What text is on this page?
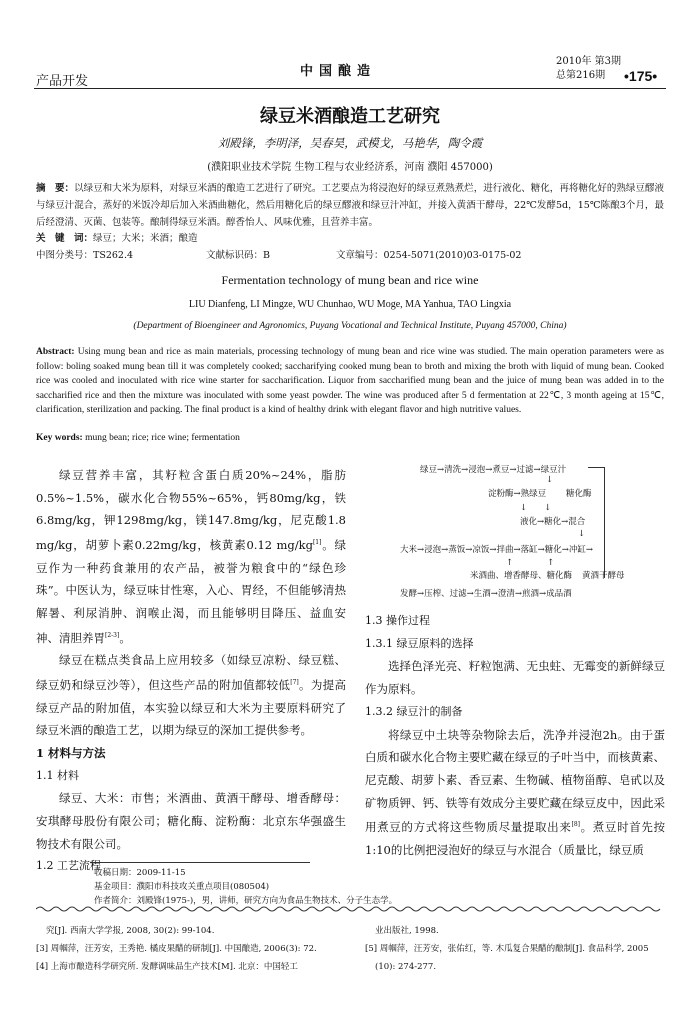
产品开发
中国酿造
2010年 第3期
总第216期	•175•
绿豆米酒酿造工艺研究
刘殿锋，李明泽，吴春昊，武模戈，马艳华，陶令霞
(濮阳职业技术学院 生物工程与农业经济系，河南 濮阳 457000)
摘　要：以绿豆和大米为原料，对绿豆米酒的酿造工艺进行了研究。工艺要点为将浸泡好的绿豆煮熟煮烂，进行液化、糖化，再将糖化好的熟绿豆醪液与绿豆汁混合，蒸好的米饭冷却后加入米酒曲糖化，然后用糖化后的绿豆醪液和绿豆汁冲缸，并接入黄酒干酵母，22℃发酵5d，15℃陈酿3个月，最后经澄清、灭菌、包装等。酿制得绿豆米酒。醇香怡人、风味优雅，且营养丰富。
关　键　词：绿豆；大米；米酒；酿造
中图分类号：TS262.4	文献标识码：B	文章编号：0254-5071(2010)03-0175-02
Fermentation technology of mung bean and rice wine
LIU Dianfeng, LI Mingze, WU Chunhao, WU Moge, MA Yanhua, TAO Lingxia
(Department of Bioengineer and Agronomics, Puyang Vocational and Technical Institute, Puyang 457000, China)
Abstract: Using mung bean and rice as main materials, processing technology of mung bean and rice wine was studied. The main operation parameters were as follow: boling soaked mung bean till it was completely cooked; saccharifying cooked mung bean to broth and mixing the broth with liquid of mung bean. Cooked rice was cooled and inoculated with rice wine starter for saccharification. Liquor from saccharified mung bean and the juice of mung bean was added in to the saccharified rice and then the mixture was inoculated with some yeast powder. The wine was produced after 5 d fermentation at 22℃, 3 month ageing at 15℃, clarification, sterilization and packing. The final product is a kind of healthy drink with elegant flavor and high nutritive values.
Key words: mung bean; rice; rice wine; fermentation

绿豆营养丰富，其籽粒含蛋白质20%~24%，脂肪0.5%~1.5%，碳水化合物55%~65%，钙80mg/kg，铁6.8mg/kg，钾1298mg/kg，镁147.8mg/kg，尼克酸1.8 mg/kg，胡萝卜素0.22mg/kg，核黄素0.12 mg/kg[1]。绿豆作为一种药食兼用的农产品，被誉为粮食中的“绿色珍珠”。中医认为，绿豆味甘性寒，入心、胃经，不但能够清热解暑、利尿消肿、润喉止渴，而且能够明目降压、益血安神、清胆养胃[2-3]。

绿豆在糕点类食品上应用较多（如绿豆凉粉、绿豆糕、绿豆奶和绿豆沙等），但这些产品的附加值都较低[7]。为提高绿豆产品的附加值，本实验以绿豆和大米为主要原料研究了绿豆米酒的酿造工艺，以期为绿豆的深加工提供参考。

1 材料与方法
1.1 材料

绿豆、大米：市售；米酒曲、黄酒干酵母、增香酵母：安琪酵母股份有限公司；糖化酶、淀粉酶：北京东华强盛生物技术有限公司。

1.2 工艺流程
绿豆→清洗→浸泡→煮豆→过滤→绿豆汁
↓
淀粉酶→熟绿豆 糖化酶
↓　　↓
液化→糖化→混合
↓
大米→浸泡→蒸饭→凉饭→拌曲→落缸→糖化→冲缸→
↑　　　　↑
米酒曲、增香酵母、糖化酶 黄酒干酵母
发酵→压榨、过滤→生酒→澄清→煎酒→成品酒
1.3 操作过程
1.3.1 绿豆原料的选择

选择色泽光亮、籽粒饱满、无虫蛀、无霉变的新鲜绿豆作为原料。

1.3.2 绿豆汁的制备

将绿豆中土块等杂物除去后，洗净并浸泡2h。由于蛋白质和碳水化合物主要贮藏在绿豆的子叶当中，而核黄素、尼克酸、胡萝卜素、香豆素、生物碱、植物甾醇、皂甙以及矿物质钾、钙、铁等有效成分主要贮藏在绿豆皮中，因此采用煮豆的方式将这些物质尽量提取出来[8]。煮豆时首先按1:10的比例把浸泡好的绿豆与水混合（质量比，绿豆质

收稿日期：2009-11-15
基金项目：濮阳市科技攻关重点项目(080504)
作者简介：刘殿锋(1975-)，男，讲师，研究方向为食品生物技术、分子生态学。
究[J]. 西南大学学报, 2008, 30(2): 99-104.
[3] 周帼萍，汪芳安，王秀艳. 橘皮果醋的研制[J]. 中国酿造, 2006(3): 72.
[4] 上海市酿造科学研究所. 发酵调味品生产技术[M]. 北京：中国轻工
业出版社, 1998.
[5] 周帼萍，汪芳安，张佑红，等. 木瓜复合果醋的酿制[J]. 食品科学, 2005
(10): 274-277.
